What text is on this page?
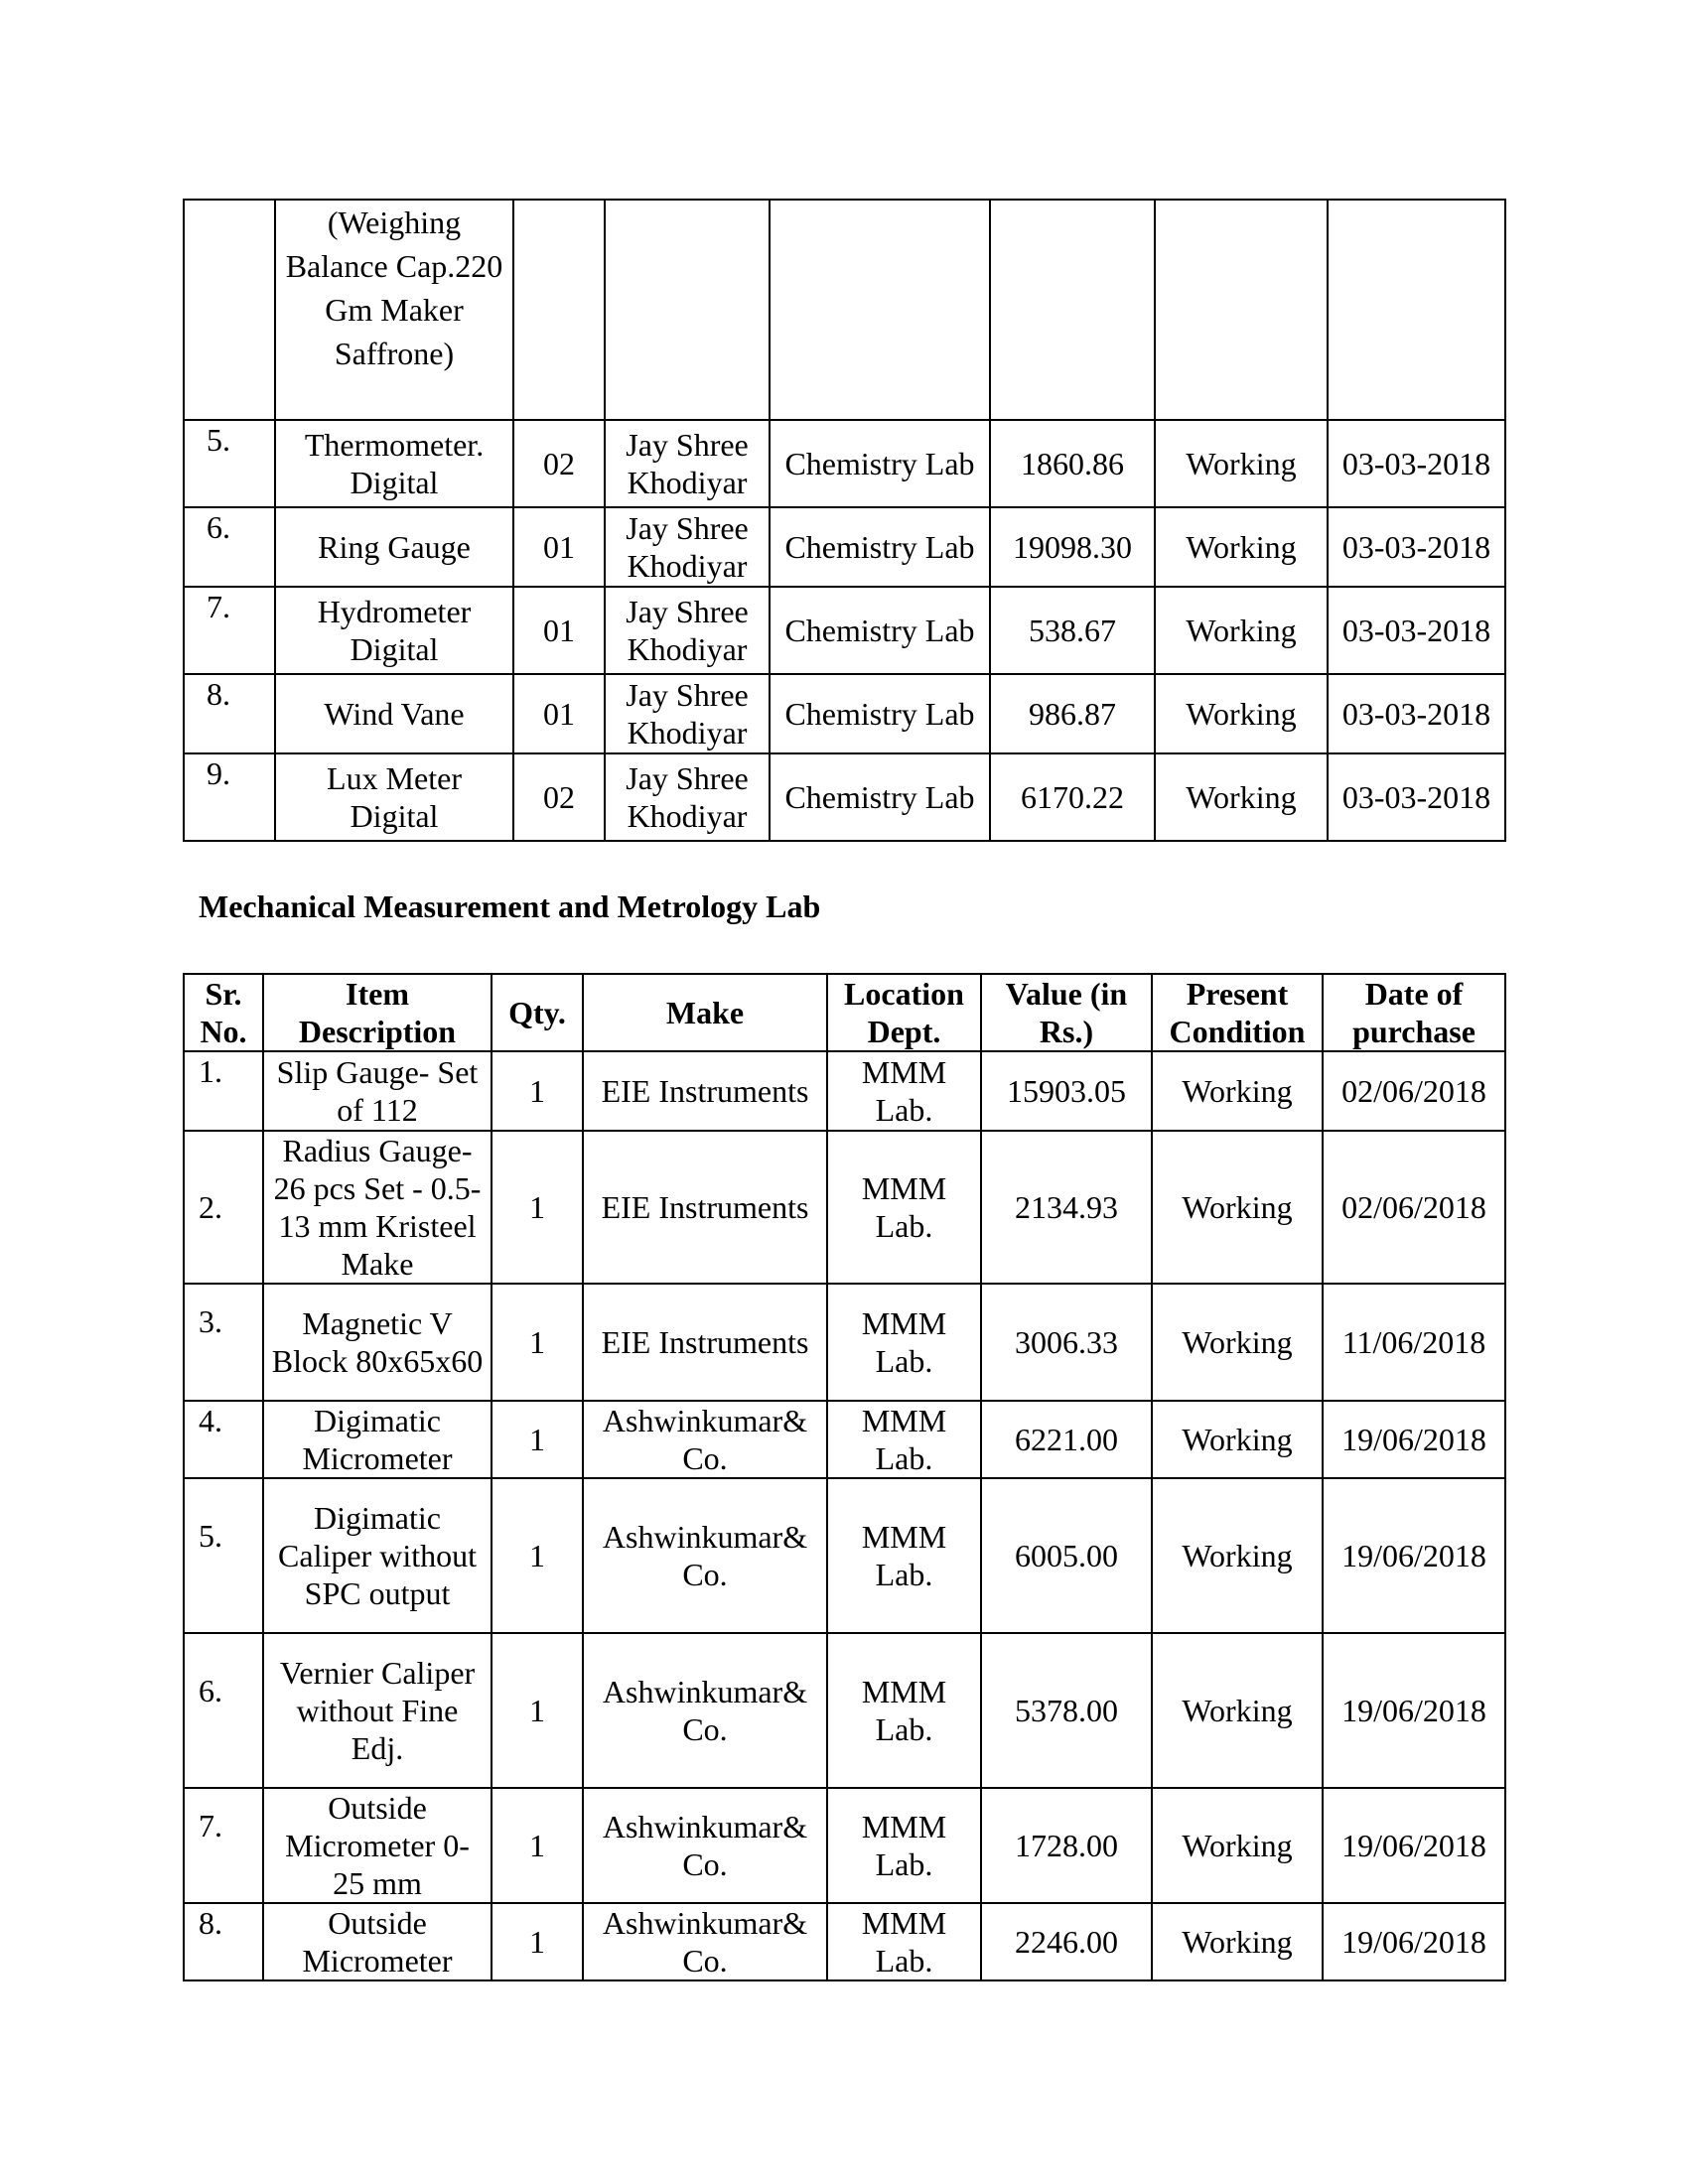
	(Weighing Balance Cap.220 Gm Maker Saffrone)						
5.	Thermometer. Digital	02	Jay Shree Khodiyar	Chemistry Lab	1860.86	Working	03-03-2018
6.	Ring Gauge	01	Jay Shree Khodiyar	Chemistry Lab	19098.30	Working	03-03-2018
7.	Hydrometer Digital	01	Jay Shree Khodiyar	Chemistry Lab	538.67	Working	03-03-2018
8.	Wind Vane	01	Jay Shree Khodiyar	Chemistry Lab	986.87	Working	03-03-2018
9.	Lux Meter Digital	02	Jay Shree Khodiyar	Chemistry Lab	6170.22	Working	03-03-2018
Mechanical Measurement and Metrology Lab
Sr. No.	Item Description	Qty.	Make	Location Dept.	Value (in Rs.)	Present Condition	Date of purchase
1.	Slip Gauge- Set of 112	1	EIE Instruments	MMM Lab.	15903.05	Working	02/06/2018
2.	Radius Gauge- 26 pcs Set - 0.5-13 mm Kristeel Make	1	EIE Instruments	MMM Lab.	2134.93	Working	02/06/2018
3.	Magnetic V Block 80x65x60	1	EIE Instruments	MMM Lab.	3006.33	Working	11/06/2018
4.	Digimatic Micrometer	1	Ashwinkumar& Co.	MMM Lab.	6221.00	Working	19/06/2018
5.	Digimatic Caliper without SPC output	1	Ashwinkumar& Co.	MMM Lab.	6005.00	Working	19/06/2018
6.	Vernier Caliper without Fine Edj.	1	Ashwinkumar& Co.	MMM Lab.	5378.00	Working	19/06/2018
7.	Outside Micrometer 0-25 mm	1	Ashwinkumar& Co.	MMM Lab.	1728.00	Working	19/06/2018
8.	Outside Micrometer	1	Ashwinkumar& Co.	MMM Lab.	2246.00	Working	19/06/2018
